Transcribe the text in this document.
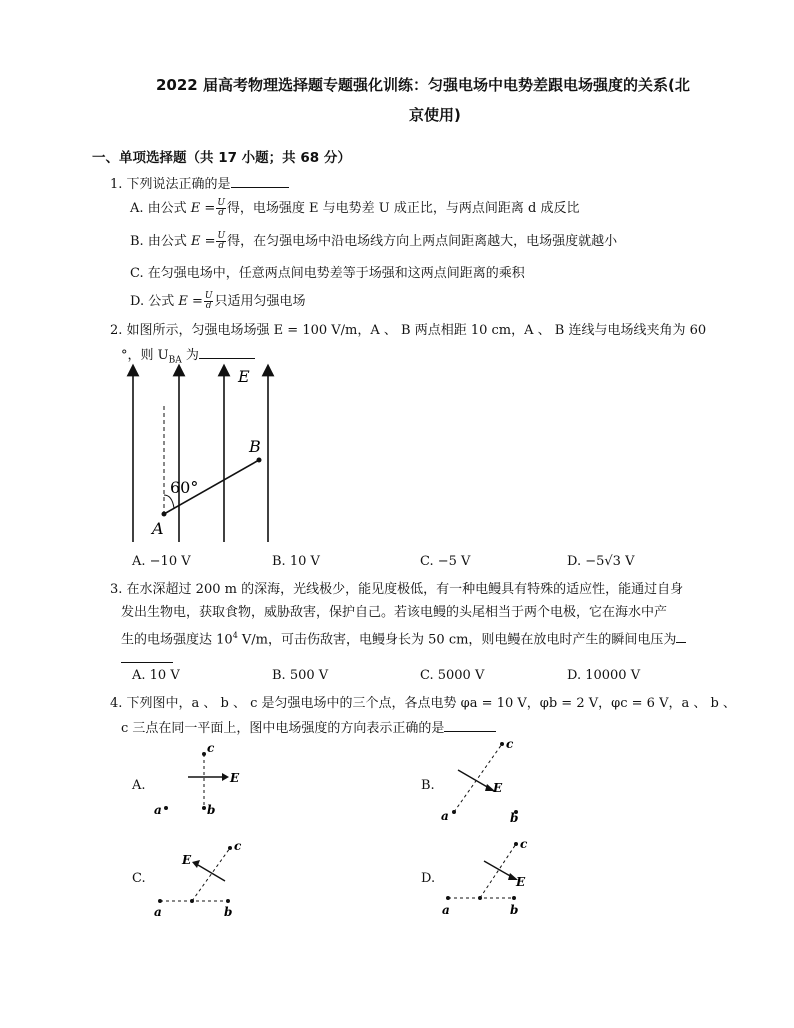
2022 届高考物理选择题专题强化训练：匀强电场中电势差跟电场强度的关系(北
京使用)
一、单项选择题（共 17 小题；共 68 分）
1. 下列说法正确的是
A. 由公式 $E = \frac{U}{d}$ 得，电场强度 E 与电势差 U 成正比，与两点间距离 d 成反比
B. 由公式 $E = \frac{U}{d}$ 得，在匀强电场中沿电场线方向上两点间距离越大，电场强度就越小
C. 在匀强电场中，任意两点间电势差等于场强和这两点间距离的乘积
D. 公式 $E = \frac{U}{d}$ 只适用匀强电场
2. 如图所示，匀强电场场强 E = 100 V/m，A 、 B 两点相距 10 cm，A 、 B 连线与电场线夹角为 60
°，则 $U_{BA}$ 为
E
B
A
60°
A. −10 V	B. 10 V	C. −5 V	D. −5√3 V
3. 在水深超过 200 m 的深海，光线极少，能见度极低，有一种电鳗具有特殊的适应性，能通过自身
发出生物电，获取食物，威胁敌害，保护自己。若该电鳗的头尾相当于两个电极，它在海水中产
生的电场强度达 $10^4$ V/m，可击伤敌害，电鳗身长为 50 cm，则电鳗在放电时产生的瞬间电压为
A. 10 V	B. 500 V	C. 5000 V	D. 10000 V
4. 下列图中，a 、 b 、 c 是匀强电场中的三个点，各点电势 φa = 10 V，φb = 2 V，φc = 6 V，a 、 b 、
c 三点在同一平面上，图中电场强度的方向表示正确的是
A.	B.
C.	D.
c
b
a
E
c
a	b
E
c
a	b
E
c
a	b
E
